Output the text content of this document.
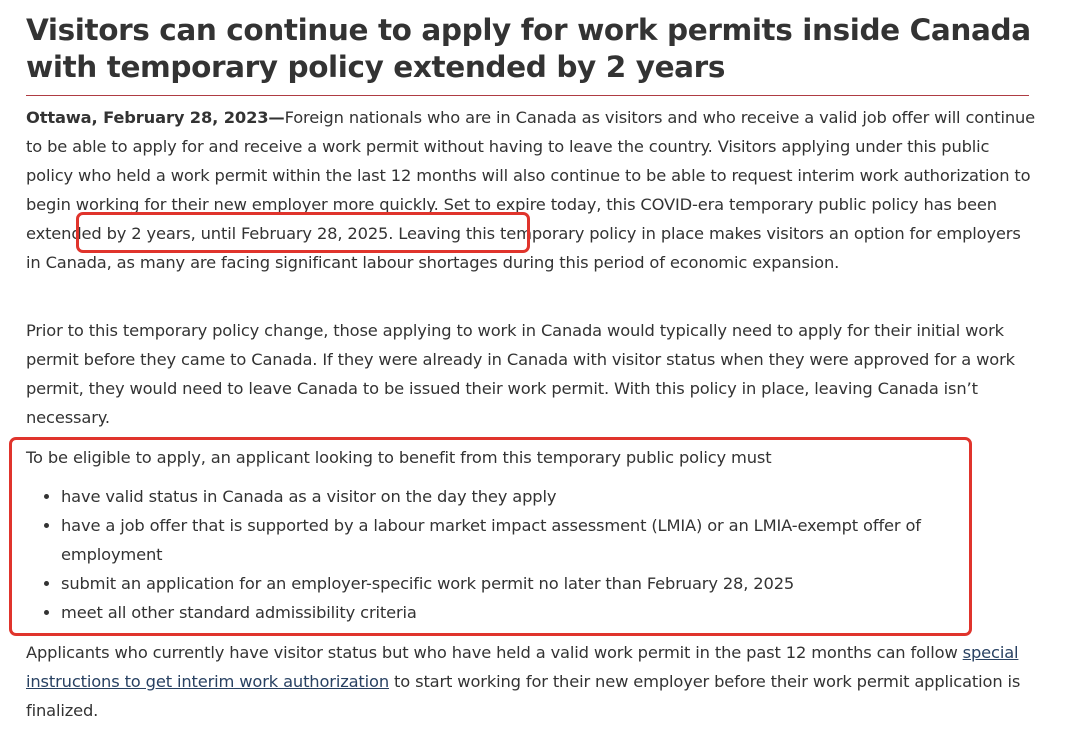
Visitors can continue to apply for work permits inside Canada with temporary policy extended by 2 years

Ottawa, February 28, 2023—Foreign nationals who are in Canada as visitors and who receive a valid job offer will continue to be able to apply for and receive a work permit without having to leave the country. Visitors applying under this public policy who held a work permit within the last 12 months will also continue to be able to request interim work authorization to begin working for their new employer more quickly. Set to expire today, this COVID-era temporary public policy has been extended by 2 years, until February 28, 2025. Leaving this temporary policy in place makes visitors an option for employers in Canada, as many are facing significant labour shortages during this period of economic expansion.

Prior to this temporary policy change, those applying to work in Canada would typically need to apply for their initial work permit before they came to Canada. If they were already in Canada with visitor status when they were approved for a work permit, they would need to leave Canada to be issued their work permit. With this policy in place, leaving Canada isn’t necessary.

To be eligible to apply, an applicant looking to benefit from this temporary public policy must

• have valid status in Canada as a visitor on the day they apply
• have a job offer that is supported by a labour market impact assessment (LMIA) or an LMIA-exempt offer of employment
• submit an application for an employer-specific work permit no later than February 28, 2025
• meet all other standard admissibility criteria

Applicants who currently have visitor status but who have held a valid work permit in the past 12 months can follow special instructions to get interim work authorization to start working for their new employer before their work permit application is finalized.
